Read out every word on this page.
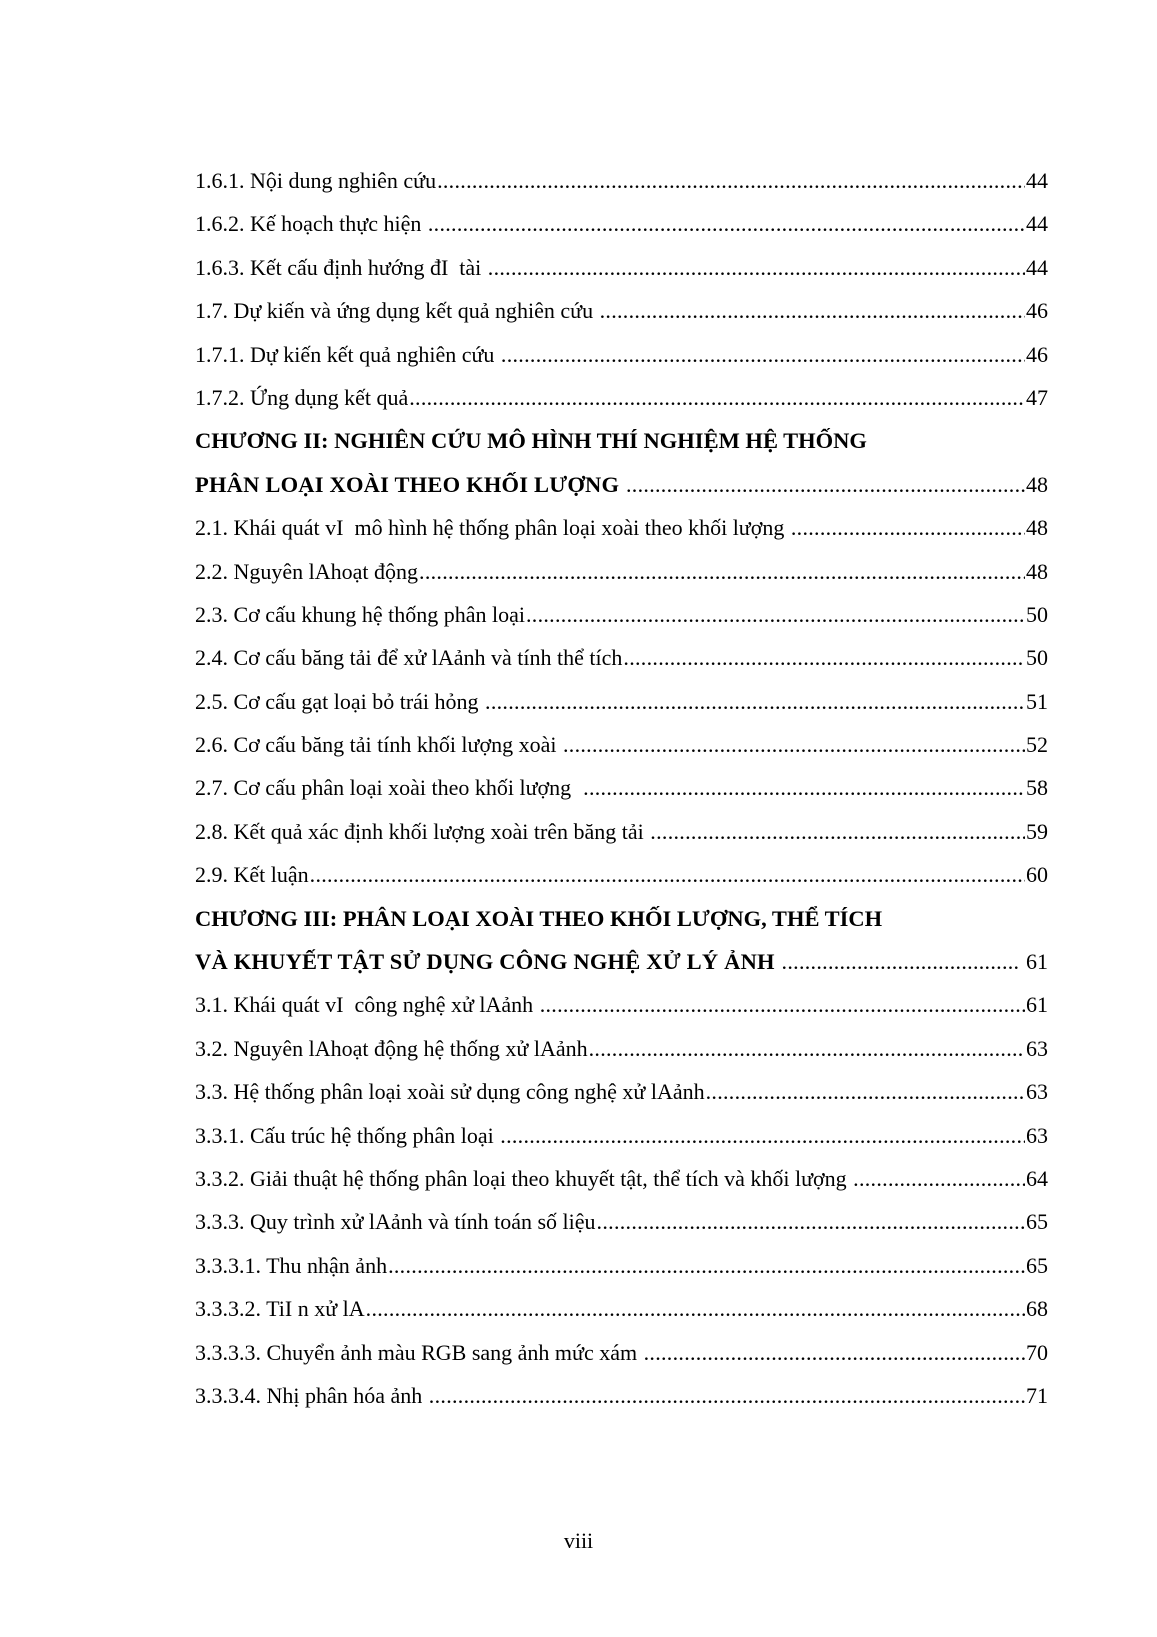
1.6.1. Nội dung nghiên cứu .....	44
1.6.2. Kế hoạch thực hiện .....	44
1.6.3. Kết cấu định hướng đI  tài .....	44
1.7. Dự kiến và ứng dụng kết quả nghiên cứu .....	46
1.7.1. Dự kiến kết quả nghiên cứu .....	46
1.7.2. Ứng dụng kết quả .....	47
CHƯƠNG II: NGHIÊN CỨU MÔ HÌNH THÍ NGHIỆM HỆ THỐNG
PHÂN LOẠI XOÀI THEO KHỐI LƯỢNG .....	48
2.1. Khái quát vI  mô hình hệ thống phân loại xoài theo khối lượng .....	48
2.2. Nguyên lAhoạt động .....	48
2.3. Cơ cấu khung hệ thống phân loại .....	50
2.4. Cơ cấu băng tải để xử lAảnh và tính thể tích .....	50
2.5. Cơ cấu gạt loại bỏ trái hỏng .....	51
2.6. Cơ cấu băng tải tính khối lượng xoài .....	52
2.7. Cơ cấu phân loại xoài theo khối lượng .....	58
2.8. Kết quả xác định khối lượng xoài trên băng tải .....	59
2.9. Kết luận .....	60
CHƯƠNG III: PHÂN LOẠI XOÀI THEO KHỐI LƯỢNG, THỂ TÍCH
VÀ KHUYẾT TẬT SỬ DỤNG CÔNG NGHỆ XỬ LÝ ẢNH .....	61
3.1. Khái quát vI  công nghệ xử lAảnh .....	61
3.2. Nguyên lAhoạt động hệ thống xử lAảnh .....	63
3.3. Hệ thống phân loại xoài sử dụng công nghệ xử lAảnh .....	63
3.3.1. Cấu trúc hệ thống phân loại .....	63
3.3.2. Giải thuật hệ thống phân loại theo khuyết tật, thể tích và khối lượng .....	64
3.3.3. Quy trình xử lAảnh và tính toán số liệu .....	65
3.3.3.1. Thu nhận ảnh .....	65
3.3.3.2. TiI n xử lA .....	68
3.3.3.3. Chuyển ảnh màu RGB sang ảnh mức xám .....	70
3.3.3.4. Nhị phân hóa ảnh .....	71
viii
